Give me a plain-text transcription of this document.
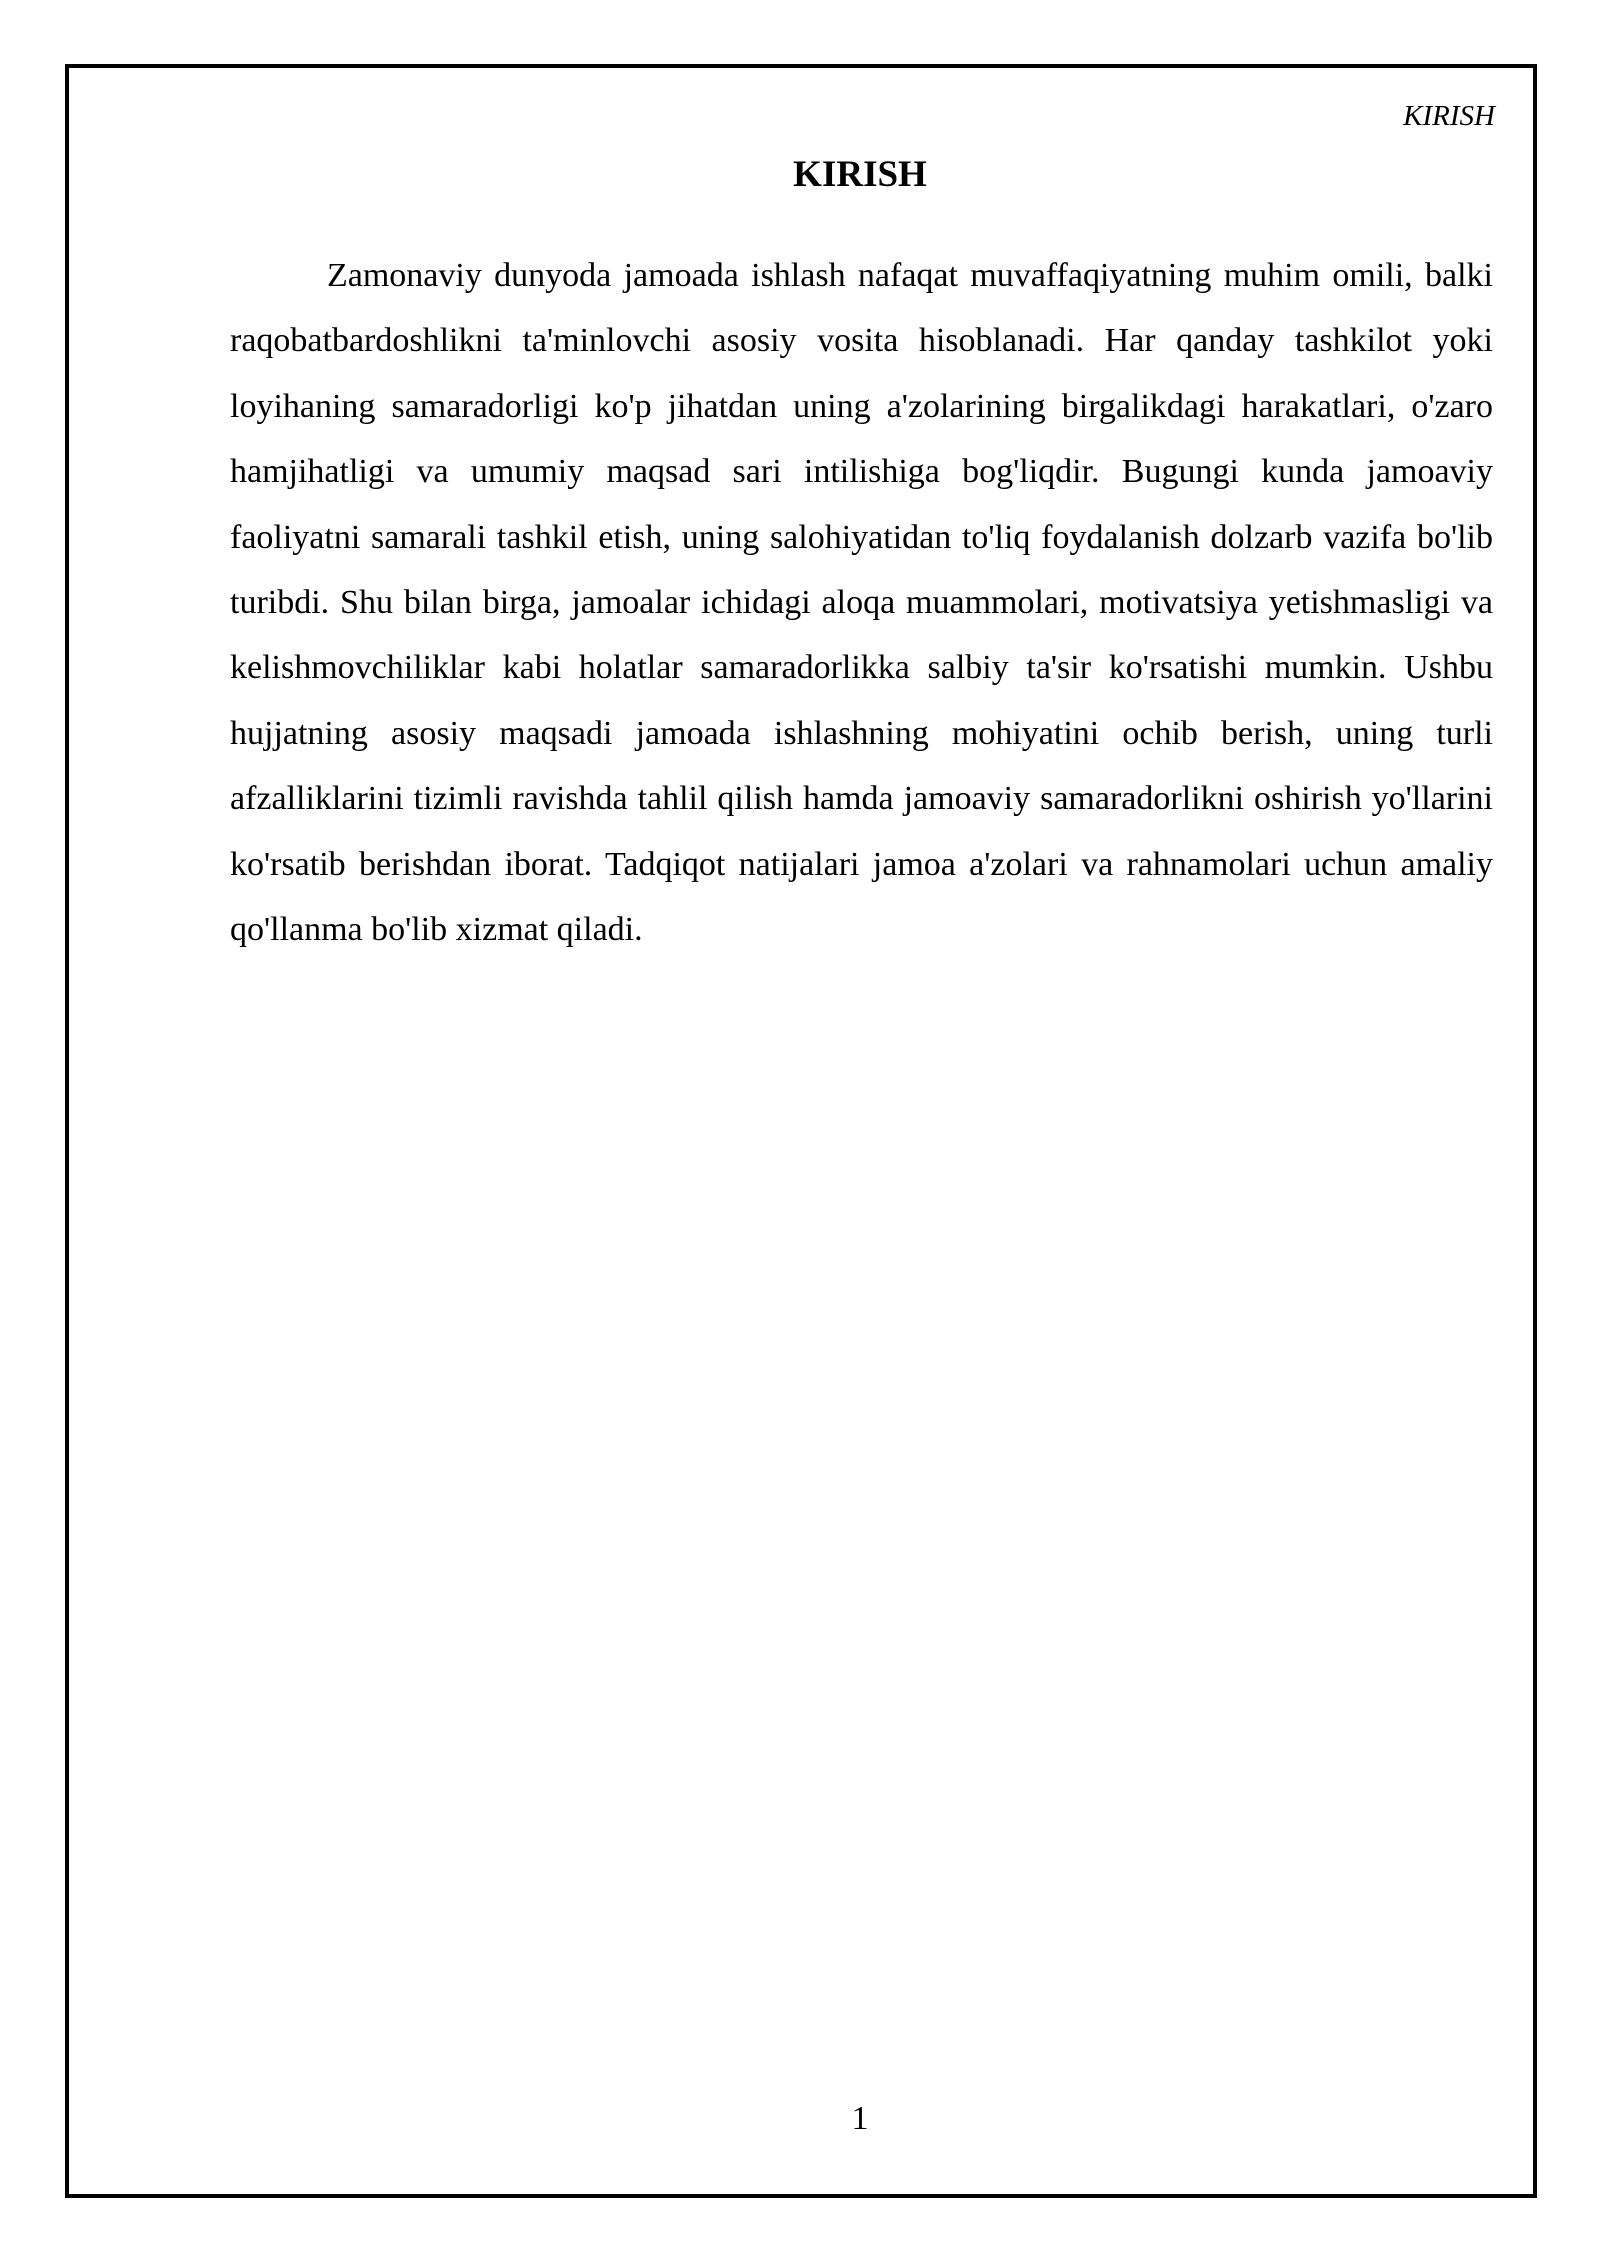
KIRISH
KIRISH

Zamonaviy dunyoda jamoada ishlash nafaqat muvaffaqiyatning muhim omili, balki raqobatbardoshlikni ta'minlovchi asosiy vosita hisoblanadi. Har qanday tashkilot yoki loyihaning samaradorligi ko'p jihatdan uning a'zolarining birgalikdagi harakatlari, o'zaro hamjihatligi va umumiy maqsad sari intilishiga bog'liqdir. Bugungi kunda jamoaviy faoliyatni samarali tashkil etish, uning salohiyatidan to'liq foydalanish dolzarb vazifa bo'lib turibdi. Shu bilan birga, jamoalar ichidagi aloqa muammolari, motivatsiya yetishmasligi va kelishmovchiliklar kabi holatlar samaradorlikka salbiy ta'sir ko'rsatishi mumkin. Ushbu hujjatning asosiy maqsadi jamoada ishlashning mohiyatini ochib berish, uning turli afzalliklarini tizimli ravishda tahlil qilish hamda jamoaviy samaradorlikni oshirish yo'llarini ko'rsatib berishdan iborat. Tadqiqot natijalari jamoa a'zolari va rahnamolari uchun amaliy qo'llanma bo'lib xizmat qiladi.

1
